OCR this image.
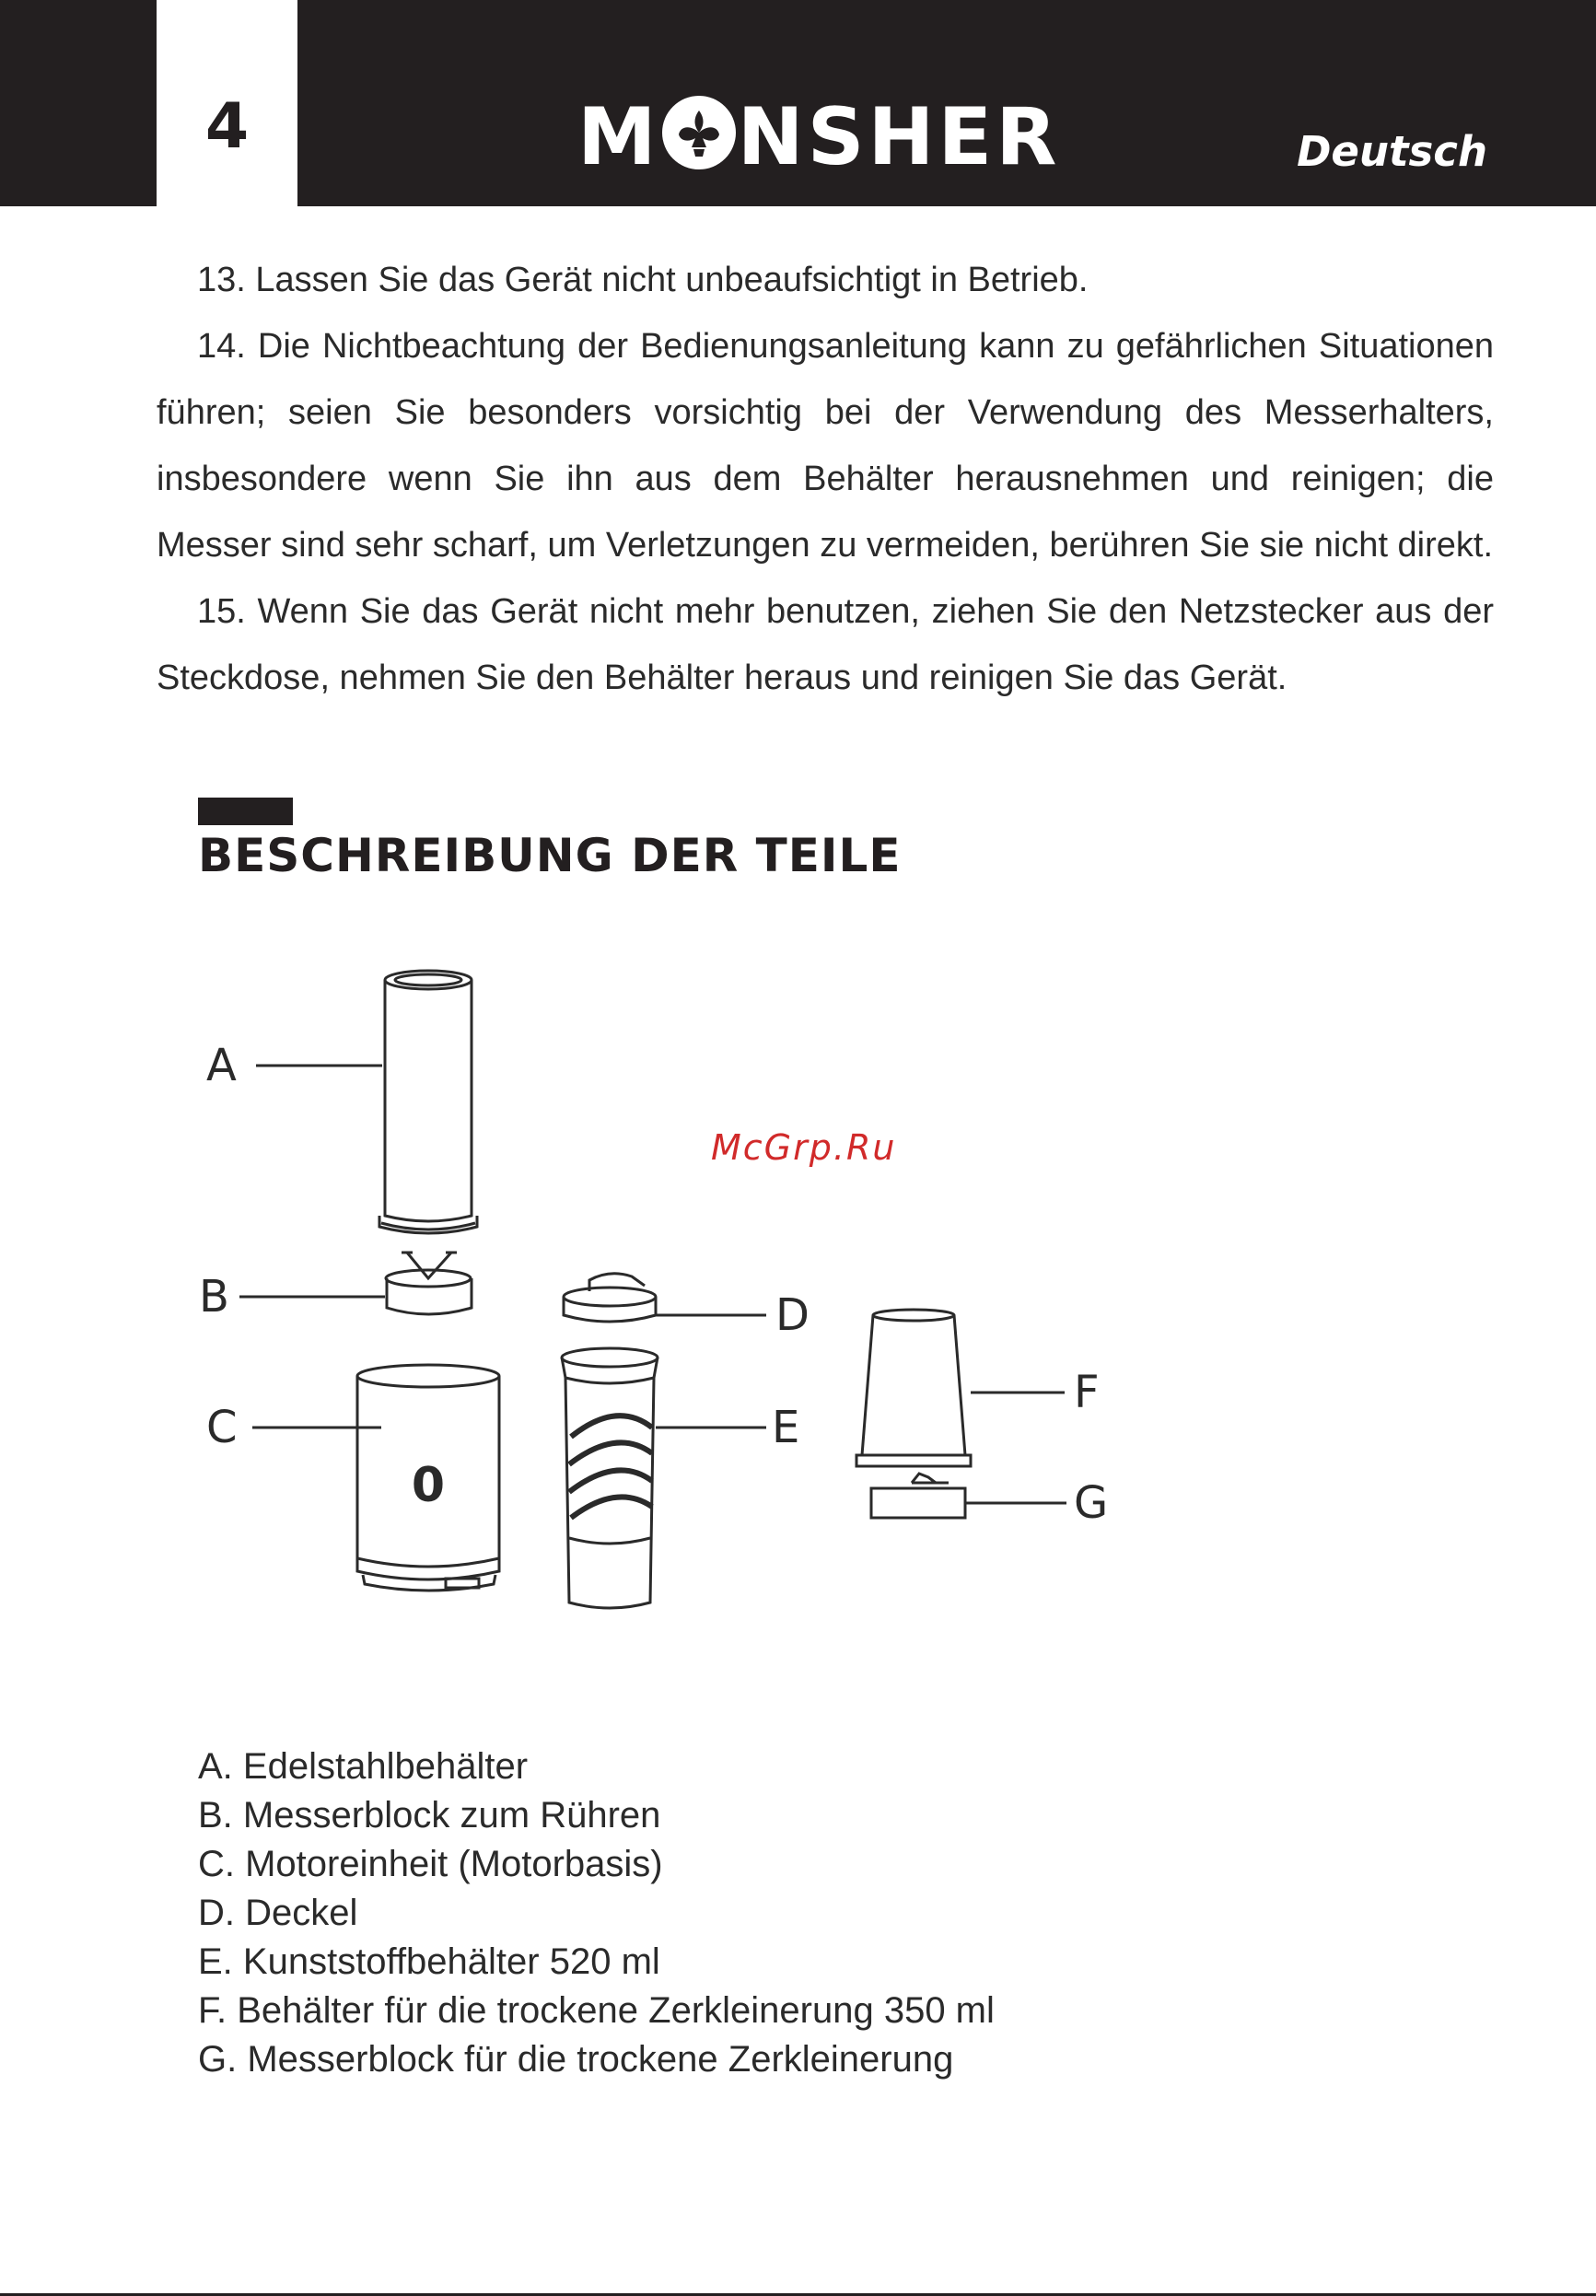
4	M NSHER	Deutsch

13. Lassen Sie das Gerät nicht unbeaufsichtigt in Betrieb.

14. Die Nichtbeachtung der Bedienungsanleitung kann zu gefährlichen Situationen führen; seien Sie besonders vorsichtig bei der Verwendung des Messerhalters, insbesondere wenn Sie ihn aus dem Behälter herausnehmen und reinigen; die Messer sind sehr scharf, um Verletzungen zu vermeiden, berühren Sie sie nicht direkt.

15. Wenn Sie das Gerät nicht mehr benutzen, ziehen Sie den Netzstecker aus der Steckdose, nehmen Sie den Behälter heraus und reinigen Sie das Gerät.

BESCHREIBUNG DER TEILE
0
A
B
C
D
E
F
G
McGrp.Ru
A. Edelstahlbehälter
B. Messerblock zum Rühren
C. Motoreinheit (Motorbasis)
D. Deckel
E. Kunststoffbehälter 520 ml
F. Behälter für die trockene Zerkleinerung 350 ml
G. Messerblock für die trockene Zerkleinerung
